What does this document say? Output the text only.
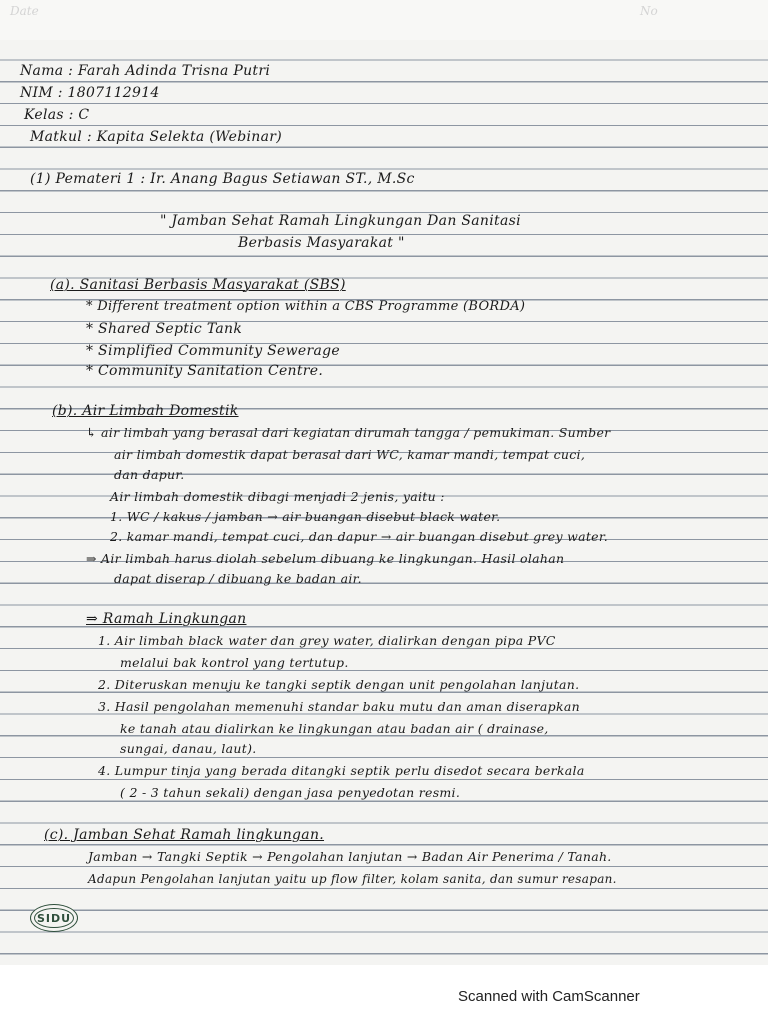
Date	No
Nama : Farah Adinda Trisna Putri
NIM : 1807112914
Kelas : C
Matkul : Kapita Selekta (Webinar)
(1) Pemateri 1 : Ir. Anang Bagus Setiawan ST., M.Sc
" Jamban Sehat Ramah Lingkungan Dan Sanitasi
Berbasis Masyarakat "
(a). Sanitasi Berbasis Masyarakat (SBS)
* Different treatment option within a CBS Programme (BORDA)
* Shared Septic Tank
* Simplified Community Sewerage
* Community Sanitation Centre.
(b). Air Limbah Domestik
↳ air limbah yang berasal dari kegiatan dirumah tangga / pemukiman. Sumber
air limbah domestik dapat berasal dari WC, kamar mandi, tempat cuci,
dan dapur.
Air limbah domestik dibagi menjadi 2 jenis, yaitu :
1. WC / kakus / jamban → air buangan disebut black water.
2. kamar mandi, tempat cuci, dan dapur → air buangan disebut grey water.
⇒ Air limbah harus diolah sebelum dibuang ke lingkungan. Hasil olahan
dapat diserap / dibuang ke badan air.
⇒ Ramah Lingkungan
1. Air limbah black water dan grey water, dialirkan dengan pipa PVC
melalui bak kontrol yang tertutup.
2. Diteruskan menuju ke tangki septik dengan unit pengolahan lanjutan.
3. Hasil pengolahan memenuhi standar baku mutu dan aman diserapkan
ke tanah atau dialirkan ke lingkungan atau badan air ( drainase,
sungai, danau, laut).
4. Lumpur tinja yang berada ditangki septik perlu disedot secara berkala
( 2 - 3 tahun sekali) dengan jasa penyedotan resmi.
(c). Jamban Sehat Ramah lingkungan.
Jamban → Tangki Septik → Pengolahan lanjutan → Badan Air Penerima / Tanah.
Adapun Pengolahan lanjutan yaitu up flow filter, kolam sanita, dan sumur resapan.
SIDU
Scanned with CamScanner
